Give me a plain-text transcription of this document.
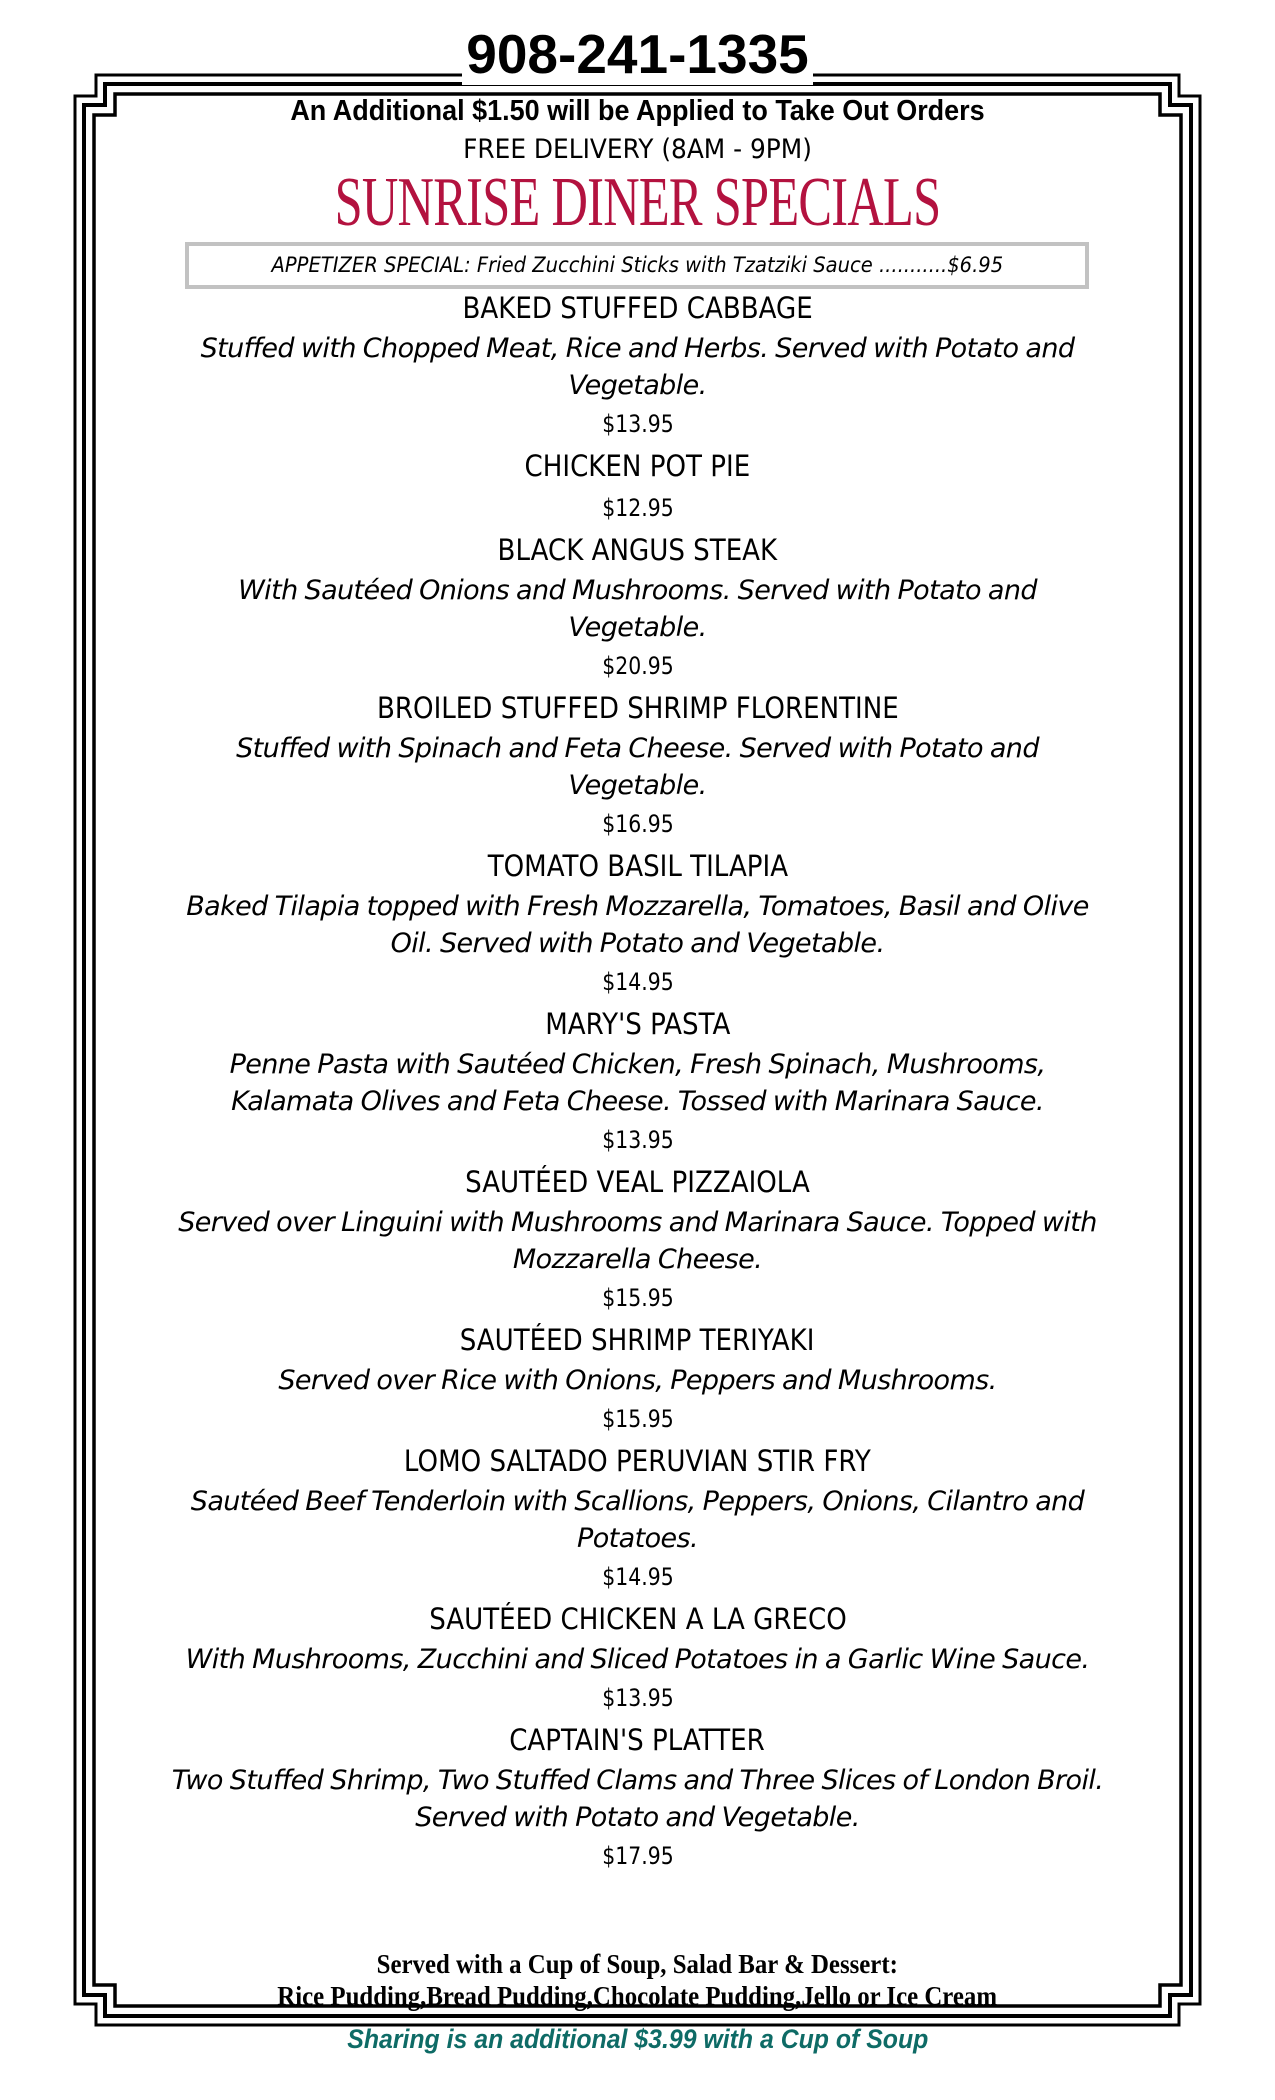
908-241-1335
An Additional $1.50 will be Applied to Take Out Orders
FREE DELIVERY (8AM - 9PM)
SUNRISE DINER SPECIALS
APPETIZER SPECIAL: Fried Zucchini Sticks with Tzatziki Sauce ...........$6.95
BAKED STUFFED CABBAGE
Stuffed with Chopped Meat, Rice and Herbs. Served with Potato and Vegetable.
$13.95
CHICKEN POT PIE
$12.95
BLACK ANGUS STEAK
With Sautéed Onions and Mushrooms. Served with Potato and Vegetable.
$20.95
BROILED STUFFED SHRIMP FLORENTINE
Stuffed with Spinach and Feta Cheese. Served with Potato and Vegetable.
$16.95
TOMATO BASIL TILAPIA
Baked Tilapia topped with Fresh Mozzarella, Tomatoes, Basil and Olive Oil. Served with Potato and Vegetable.
$14.95
MARY'S PASTA
Penne Pasta with Sautéed Chicken, Fresh Spinach, Mushrooms, Kalamata Olives and Feta Cheese. Tossed with Marinara Sauce.
$13.95
SAUTÉED VEAL PIZZAIOLA
Served over Linguini with Mushrooms and Marinara Sauce. Topped with Mozzarella Cheese.
$15.95
SAUTÉED SHRIMP TERIYAKI
Served over Rice with Onions, Peppers and Mushrooms.
$15.95
LOMO SALTADO PERUVIAN STIR FRY
Sautéed Beef Tenderloin with Scallions, Peppers, Onions, Cilantro and Potatoes.
$14.95
SAUTÉED CHICKEN A LA GRECO
With Mushrooms, Zucchini and Sliced Potatoes in a Garlic Wine Sauce.
$13.95
CAPTAIN'S PLATTER
Two Stuffed Shrimp, Two Stuffed Clams and Three Slices of London Broil. Served with Potato and Vegetable.
$17.95
Served with a Cup of Soup, Salad Bar & Dessert:
Rice Pudding,Bread Pudding,Chocolate Pudding,Jello or Ice Cream
Sharing is an additional $3.99 with a Cup of Soup
